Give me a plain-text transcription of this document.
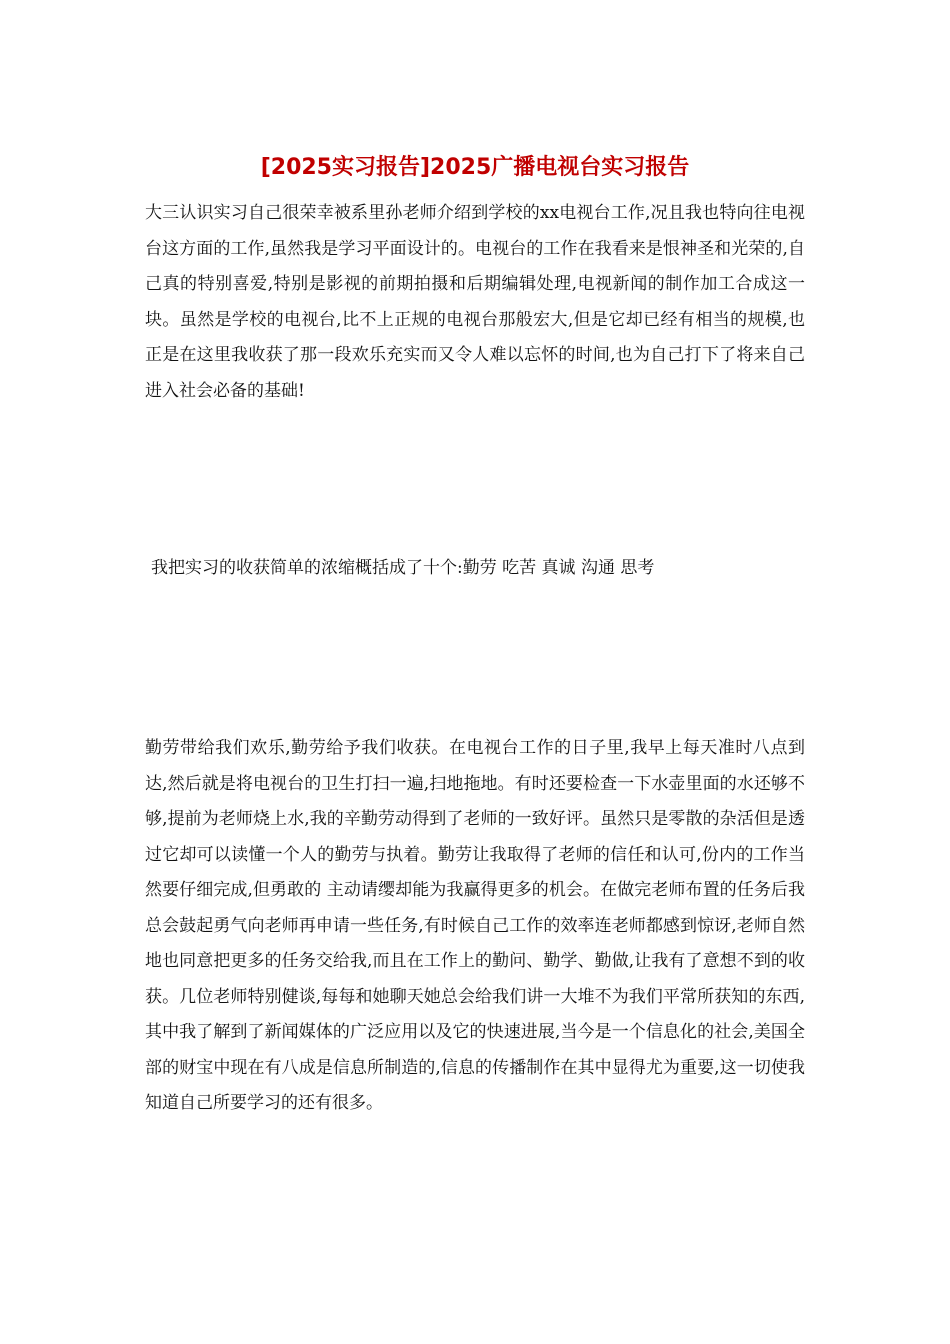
[2025实习报告]2025广播电视台实习报告

大三认识实习自己很荣幸被系里孙老师介绍到学校的xx电视台工作,况且我也特向往电视台这方面的工作,虽然我是学习平面设计的。电视台的工作在我看来是恨神圣和光荣的,自己真的特别喜爱,特别是影视的前期拍摄和后期编辑处理,电视新闻的制作加工合成这一块。虽然是学校的电视台,比不上正规的电视台那般宏大,但是它却已经有相当的规模,也正是在这里我收获了那一段欢乐充实而又令人难以忘怀的时间,也为自己打下了将来自己进入社会必备的基础!

我把实习的收获简单的浓缩概括成了十个:勤劳 吃苦 真诚 沟通 思考

勤劳带给我们欢乐,勤劳给予我们收获。在电视台工作的日子里,我早上每天准时八点到达,然后就是将电视台的卫生打扫一遍,扫地拖地。有时还要检查一下水壶里面的水还够不够,提前为老师烧上水,我的辛勤劳动得到了老师的一致好评。虽然只是零散的杂活但是透过它却可以读懂一个人的勤劳与执着。勤劳让我取得了老师的信任和认可,份内的工作当然要仔细完成,但勇敢的 主动请缨却能为我赢得更多的机会。在做完老师布置的任务后我总会鼓起勇气向老师再申请一些任务,有时候自己工作的效率连老师都感到惊讶,老师自然地也同意把更多的任务交给我,而且在工作上的勤问、勤学、勤做,让我有了意想不到的收获。几位老师特别健谈,每每和她聊天她总会给我们讲一大堆不为我们平常所获知的东西,其中我了解到了新闻媒体的广泛应用以及它的快速进展,当今是一个信息化的社会,美国全部的财宝中现在有八成是信息所制造的,信息的传播制作在其中显得尤为重要,这一切使我知道自己所要学习的还有很多。
